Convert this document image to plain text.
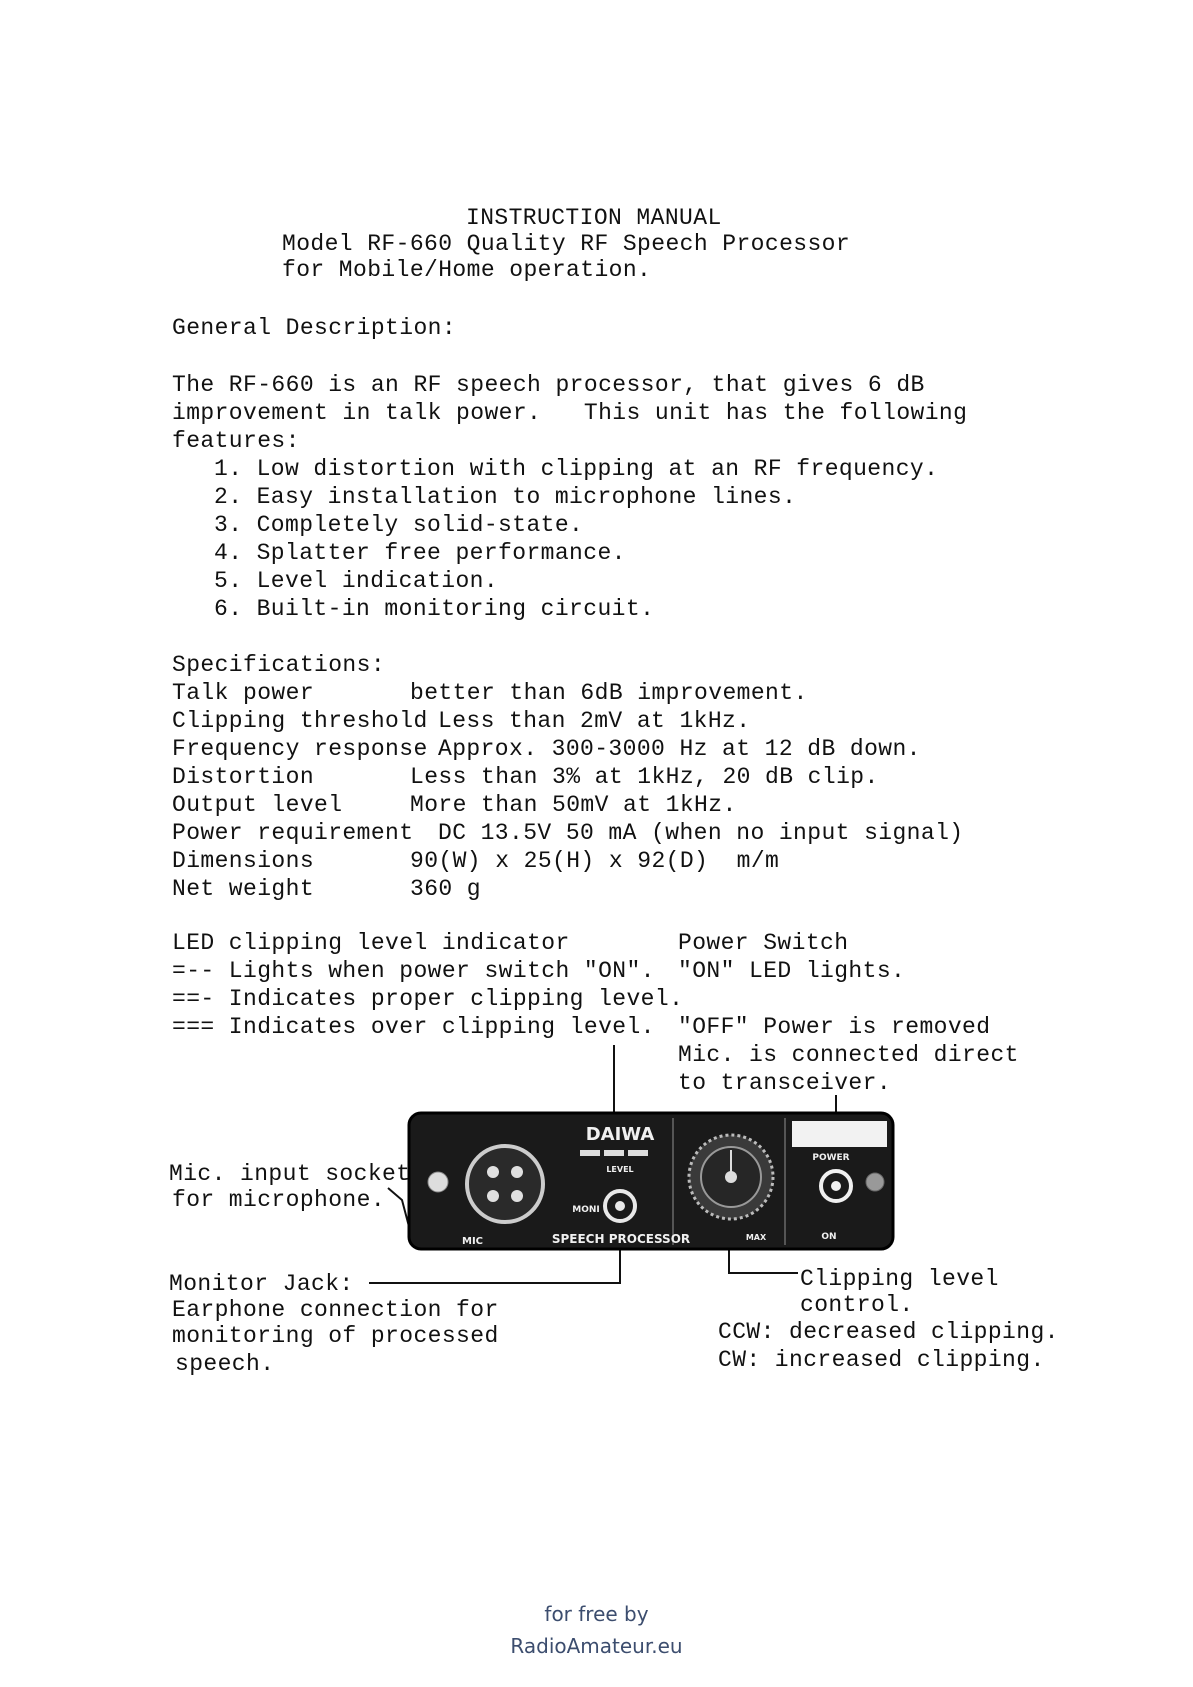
INSTRUCTION MANUAL
Model RF-660 Quality RF Speech Processor
for Mobile/Home operation.
General Description:
The RF-660 is an RF speech processor, that gives 6 dB
improvement in talk power.   This unit has the following
features:
1. Low distortion with clipping at an RF frequency.
2. Easy installation to microphone lines.
3. Completely solid-state.
4. Splatter free performance.
5. Level indication.
6. Built-in monitoring circuit.
Specifications:
Talk power	better than 6dB improvement.
Clipping threshold Less than 2mV at 1kHz.
Frequency response Approx. 300-3000 Hz at 12 dB down.
Distortion	Less than 3% at 1kHz, 20 dB clip.
Output level	More than 50mV at 1kHz.
Power requirement DC 13.5V 50 mA (when no input signal)
Dimensions	90(W) x 25(H) x 92(D)  m/m
Net weight	360 g
LED clipping level indicator
=-- Lights when power switch "ON".
==- Indicates proper clipping level.
=== Indicates over clipping level.
Power Switch
"ON" LED lights.
"OFF" Power is removed
Mic. is connected direct
to transceiver.
DAIWA
LEVEL
MIC
MONI
SPEECH PROCESSOR	MAX
POWER
ON
Mic. input socket
for microphone.
Monitor Jack:
Earphone connection for
monitoring of processed
speech.
Clipping level
control.
CCW: decreased clipping.
CW: increased clipping.
for free by
RadioAmateur.eu
